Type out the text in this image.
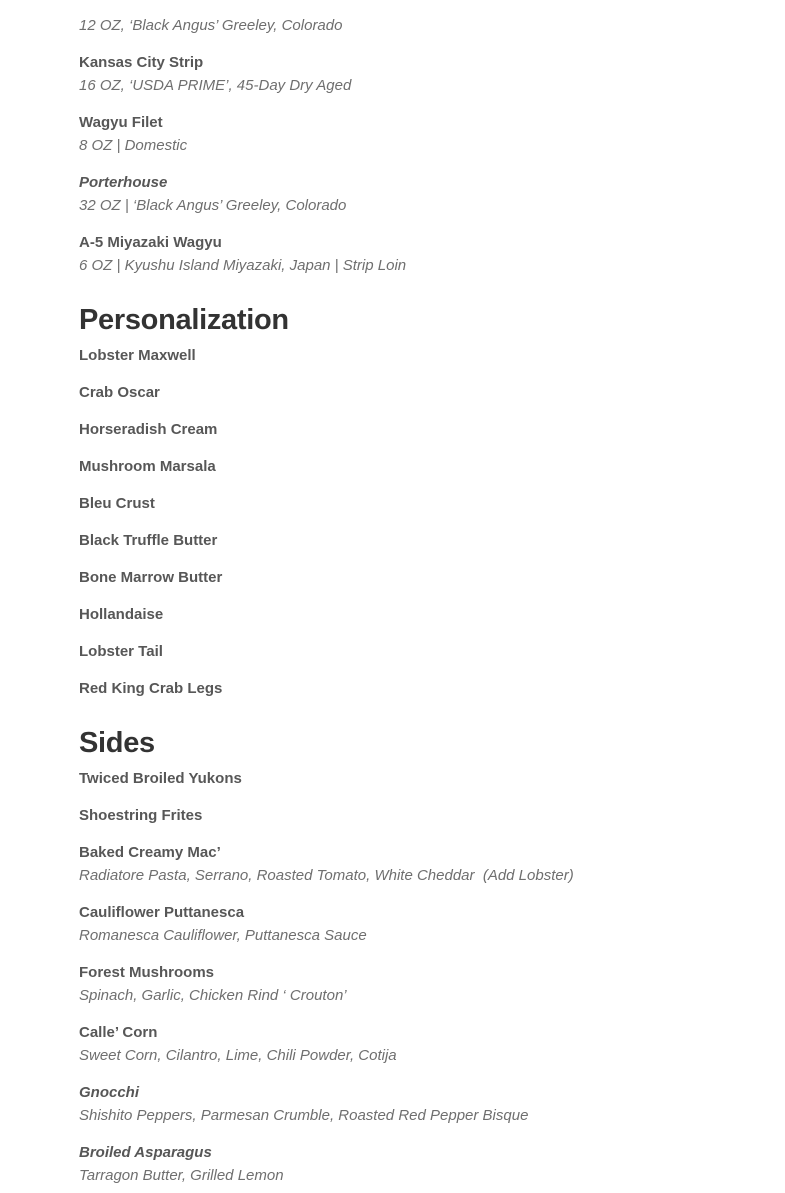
12 OZ, ‘Black Angus’ Greeley, Colorado
Kansas City Strip
16 OZ, ‘USDA PRIME’, 45-Day Dry Aged
Wagyu Filet
8 OZ | Domestic
Porterhouse
32 OZ | ‘Black Angus’ Greeley, Colorado
A-5 Miyazaki Wagyu
6 OZ | Kyushu Island Miyazaki, Japan | Strip Loin
Personalization
Lobster Maxwell
Crab Oscar
Horseradish Cream
Mushroom Marsala
Bleu Crust
Black Truffle Butter
Bone Marrow Butter
Hollandaise
Lobster Tail
Red King Crab Legs
Sides
Twiced Broiled Yukons
Shoestring Frites
Baked Creamy Mac’
Radiatore Pasta, Serrano, Roasted Tomato, White Cheddar  (Add Lobster)
Cauliflower Puttanesca
Romanesca Cauliflower, Puttanesca Sauce
Forest Mushrooms
Spinach, Garlic, Chicken Rind ‘ Crouton’
Calle’ Corn
Sweet Corn, Cilantro, Lime, Chili Powder, Cotija
Gnocchi
Shishito Peppers, Parmesan Crumble, Roasted Red Pepper Bisque
Broiled Asparagus
Tarragon Butter, Grilled Lemon
